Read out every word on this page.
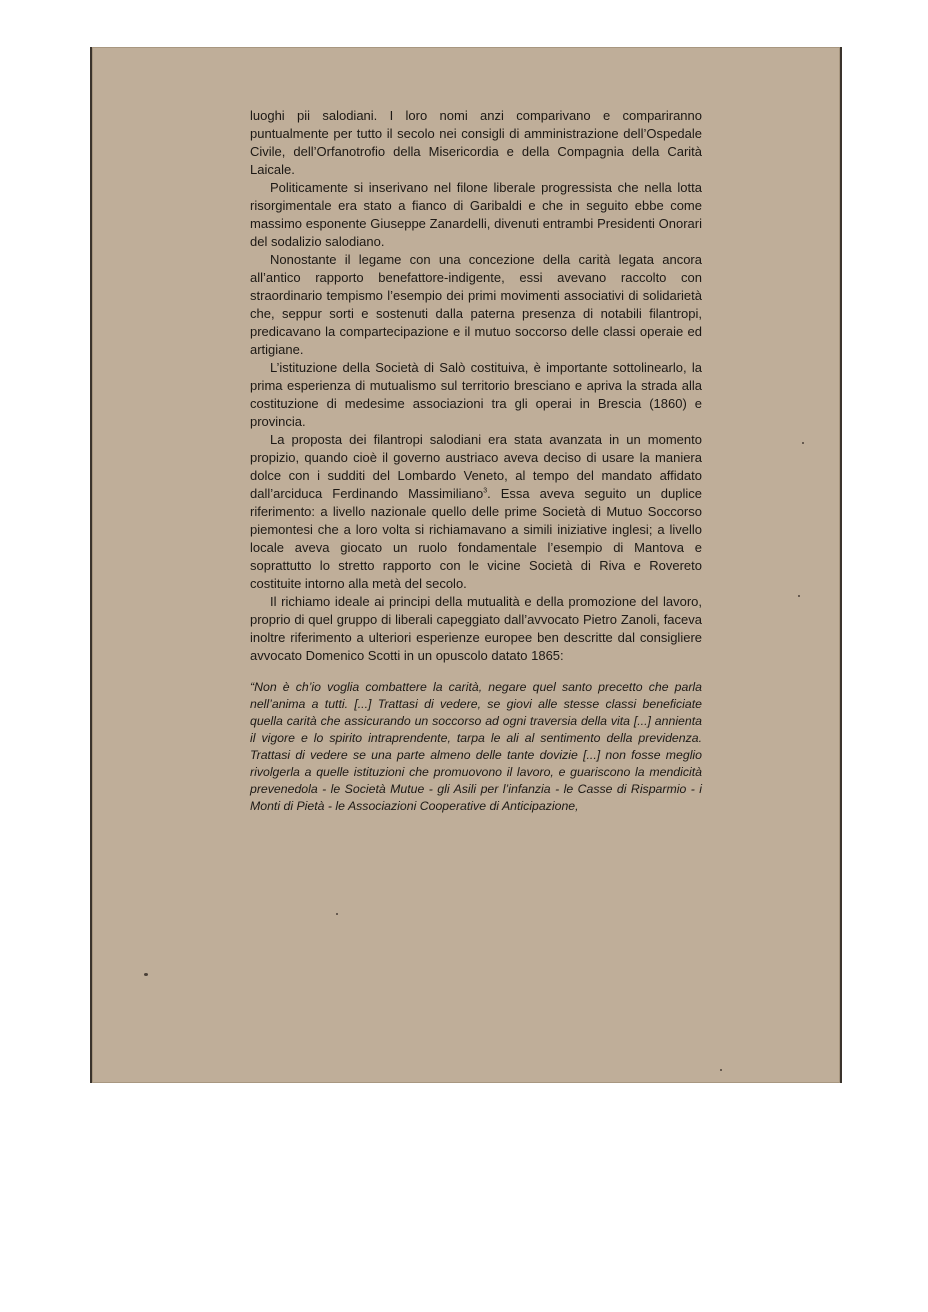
luoghi pii salodiani. I loro nomi anzi comparivano e compariranno puntualmente per tutto il secolo nei consigli di amministrazione dell’Ospedale Civile, dell’Orfanotrofio della Misericordia e della Compagnia della Carità Laicale.

Politicamente si inserivano nel filone liberale progressista che nella lotta risorgimentale era stato a fianco di Garibaldi e che in seguito ebbe come massimo esponente Giuseppe Zanardelli, divenuti entrambi Presidenti Onorari del sodalizio salodiano.

Nonostante il legame con una concezione della carità legata ancora all’antico rapporto benefattore-indigente, essi avevano raccolto con straordinario tempismo l’esempio dei primi movimenti associativi di solidarietà che, seppur sorti e sostenuti dalla paterna presenza di notabili filantropi, predicavano la compartecipazione e il mutuo soccorso delle classi operaie ed artigiane.

L’istituzione della Società di Salò costituiva, è importante sottolinearlo, la prima esperienza di mutualismo sul territorio bresciano e apriva la strada alla costituzione di medesime associazioni tra gli operai in Brescia (1860) e provincia.

La proposta dei filantropi salodiani era stata avanzata in un momento propizio, quando cioè il governo austriaco aveva deciso di usare la maniera dolce con i sudditi del Lombardo Veneto, al tempo del mandato affidato dall’arciduca Ferdinando Massimiliano$^3$. Essa aveva seguito un duplice riferimento: a livello nazionale quello delle prime Società di Mutuo Soccorso piemontesi che a loro volta si richiamavano a simili iniziative inglesi; a livello locale aveva giocato un ruolo fondamentale l’esempio di Mantova e soprattutto lo stretto rapporto con le vicine Società di Riva e Rovereto costituite intorno alla metà del secolo.

Il richiamo ideale ai principi della mutualità e della promozione del lavoro, proprio di quel gruppo di liberali capeggiato dall’avvocato Pietro Zanoli, faceva inoltre riferimento a ulteriori esperienze europee ben descritte dal consigliere avvocato Domenico Scotti in un opuscolo datato 1865:

“Non è ch’io voglia combattere la carità, negare quel santo precetto che parla nell’anima a tutti. [...] Trattasi di vedere, se giovi alle stesse classi beneficiate quella carità che assicurando un soccorso ad ogni traversia della vita [...] annienta il vigore e lo spirito intraprendente, tarpa le ali al sentimento della previdenza. Trattasi di vedere se una parte almeno delle tante dovizie [...] non fosse meglio rivolgerla a quelle istituzioni che promuovono il lavoro, e guariscono la mendicità prevenedola - le Società Mutue - gli Asili per l’infanzia - le Casse di Risparmio - i Monti di Pietà - le Associazioni Cooperative di Anticipazione,
